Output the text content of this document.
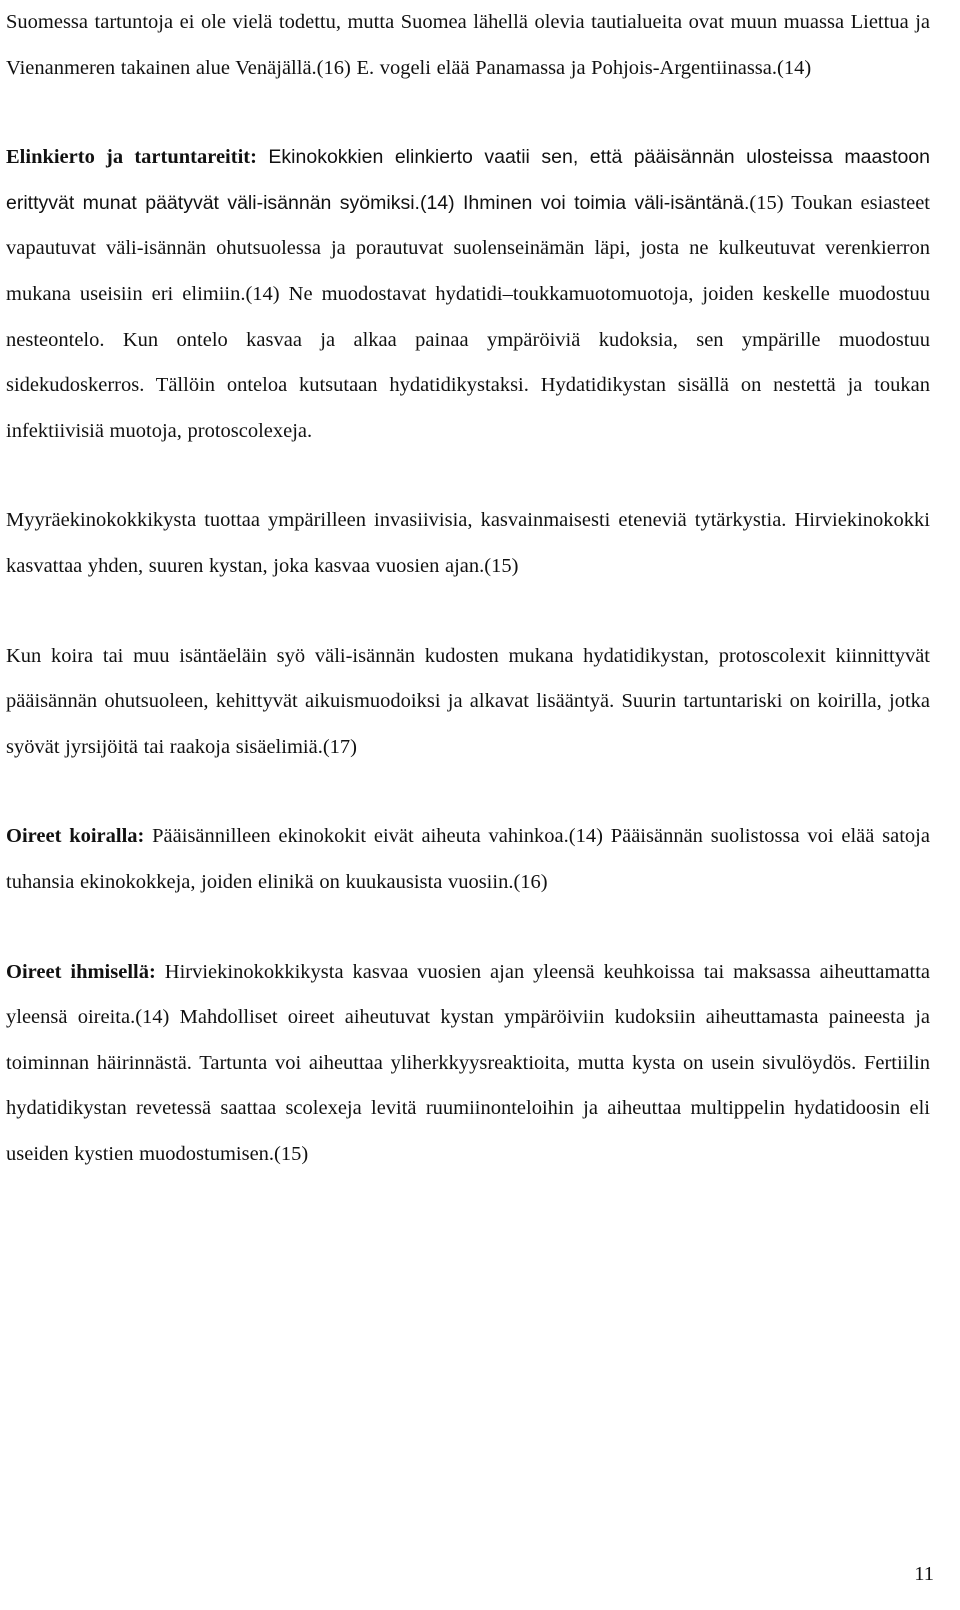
Suomessa tartuntoja ei ole vielä todettu, mutta Suomea lähellä olevia tautialueita ovat muun muassa Liettua ja Vienanmeren takainen alue Venäjällä.(16) E. vogeli elää Panamassa ja Pohjois-Argentiinassa.(14)

Elinkierto ja tartuntareitit: Ekinokokkien elinkierto vaatii sen, että pääisännän ulosteissa maastoon erittyvät munat päätyvät väli-isännän syömiksi.(14) Ihminen voi toimia väli-isäntänä.(15) Toukan esiasteet vapautuvat väli-isännän ohutsuolessa ja porautuvat suolenseinämän läpi, josta ne kulkeutuvat verenkierron mukana useisiin eri elimiin.(14) Ne muodostavat hydatidi–toukkamuotomuotoja, joiden keskelle muodostuu nesteontelo. Kun ontelo kasvaa ja alkaa painaa ympäröiviä kudoksia, sen ympärille muodostuu sidekudoskerros. Tällöin onteloa kutsutaan hydatidikystaksi. Hydatidikystan sisällä on nestettä ja toukan infektiivisiä muotoja, protoscolexeja.

Myyräekinokokkikysta tuottaa ympärilleen invasiivisia, kasvainmaisesti eteneviä tytärkystia. Hirviekinokokki kasvattaa yhden, suuren kystan, joka kasvaa vuosien ajan.(15)

Kun koira tai muu isäntäeläin syö väli-isännän kudosten mukana hydatidikystan, protoscolexit kiinnittyvät pääisännän ohutsuoleen, kehittyvät aikuismuodoiksi ja alkavat lisääntyä. Suurin tartuntariski on koirilla, jotka syövät jyrsijöitä tai raakoja sisäelimiä.(17)

Oireet koiralla: Pääisännilleen ekinokokit eivät aiheuta vahinkoa.(14) Pääisännän suolistossa voi elää satoja tuhansia ekinokokkeja, joiden elinikä on kuukausista vuosiin.(16)

Oireet ihmisellä: Hirviekinokokkikysta kasvaa vuosien ajan yleensä keuhkoissa tai maksassa aiheuttamatta yleensä oireita.(14) Mahdolliset oireet aiheutuvat kystan ympäröiviin kudoksiin aiheuttamasta paineesta ja toiminnan häirinnästä. Tartunta voi aiheuttaa yliherkkyysreaktioita, mutta kysta on usein sivulöydös. Fertiilin hydatidikystan revetessä saattaa scolexeja levitä ruumiinonteloihin ja aiheuttaa multippelin hydatidoosin eli useiden kystien muodostumisen.(15)

11
